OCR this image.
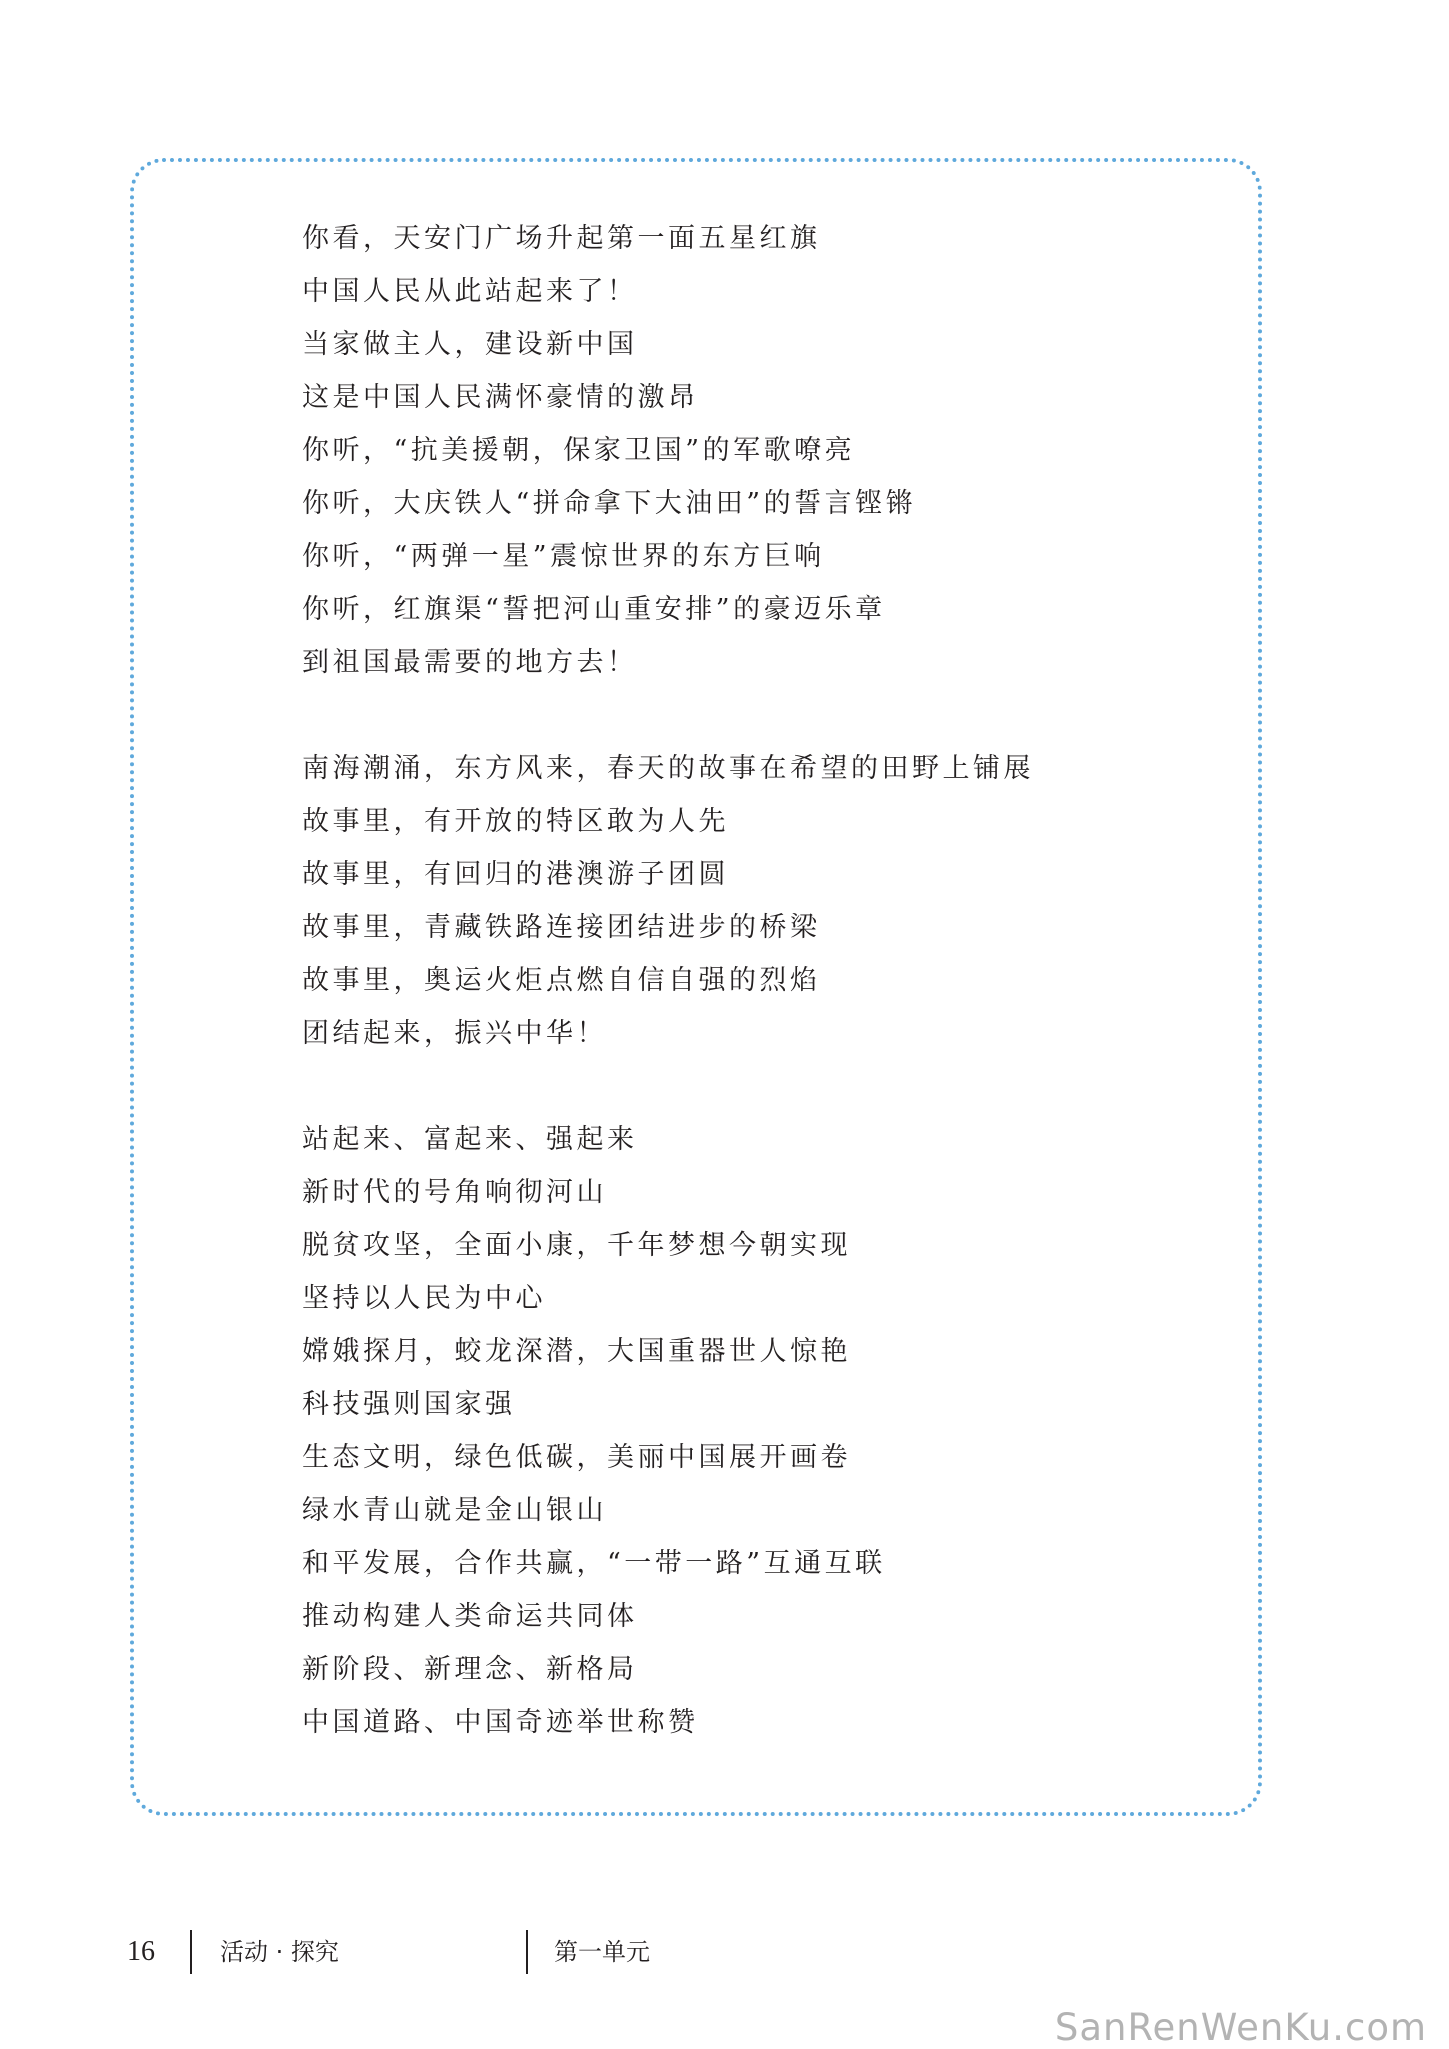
你看，天安门广场升起第一面五星红旗
中国人民从此站起来了！
当家做主人，建设新中国
这是中国人民满怀豪情的激昂
你听，“抗美援朝，保家卫国”的军歌嘹亮
你听，大庆铁人“拼命拿下大油田”的誓言铿锵
你听，“两弹一星”震惊世界的东方巨响
你听，红旗渠“誓把河山重安排”的豪迈乐章
到祖国最需要的地方去！
南海潮涌，东方风来，春天的故事在希望的田野上铺展
故事里，有开放的特区敢为人先
故事里，有回归的港澳游子团圆
故事里，青藏铁路连接团结进步的桥梁
故事里，奥运火炬点燃自信自强的烈焰
团结起来，振兴中华！
站起来、富起来、强起来
新时代的号角响彻河山
脱贫攻坚，全面小康，千年梦想今朝实现
坚持以人民为中心
嫦娥探月，蛟龙深潜，大国重器世人惊艳
科技强则国家强
生态文明，绿色低碳，美丽中国展开画卷
绿水青山就是金山银山
和平发展，合作共赢，“一带一路”互通互联
推动构建人类命运共同体
新阶段、新理念、新格局
中国道路、中国奇迹举世称赞
16	活动 · 探究	第一单元
SanRenWenKu.com
